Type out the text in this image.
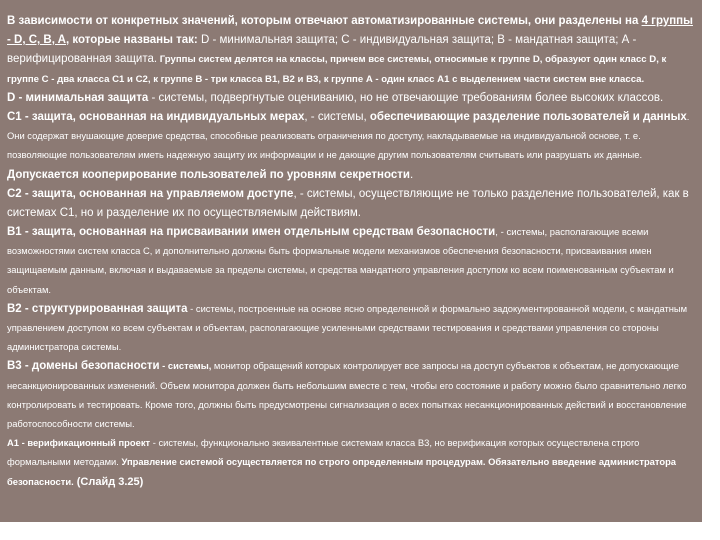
В зависимости от конкретных значений, которым отвечают автоматизированные системы, они разделены на 4 группы - D, C, B, A, которые названы так: D - минимальная защита; С - индивидуальная защита; В - мандатная защита; А - верифицированная защита. Группы систем делятся на классы, причем все системы, относимые к группе D, образуют один класс D, к группе С - два класса С1 и С2, к группе В - три класса В1, В2 и В3, к группе А - один класс А1 с выделением части систем вне класса.

D - минимальная защита - системы, подвергнутые оцениванию, но не отвечающие требованиям более высоких классов.

С1 - защита, основанная на индивидуальных мерах, - системы, обеспечивающие разделение пользователей и данных. Они содержат внушающие доверие средства, способные реализовать ограничения по доступу, накладываемые на индивидуальной основе, т. е. позволяющие пользователям иметь надежную защиту их информации и не дающие другим пользователям считывать или разрушать их данные. Допускается кооперирование пользователей по уровням секретности.

С2 - защита, основанная на управляемом доступе, - системы, осуществляющие не только разделение пользователей, как в системах С1, но и разделение их по осуществляемым действиям.

В1 - защита, основанная на присваивании имен отдельным средствам безопасности, - системы, располагающие всеми возможностями систем класса С, и дополнительно должны быть формальные модели механизмов обеспечения безопасности, присваивания имен защищаемым данным, включая и выдаваемые за пределы системы, и средства мандатного управления доступом ко всем поименованным субъектам и объектам.

В2 - структурированная защита - системы, построенные на основе ясно определенной и формально задокументированной модели, с мандатным управлением доступом ко всем субъектам и объектам, располагающие усиленными средствами тестирования и средствами управления со стороны администратора системы.

В3 - домены безопасности - системы, монитор обращений которых контролирует все запросы на доступ субъектов к объектам, не допускающие несанкционированных изменений. Объем монитора должен быть небольшим вместе с тем, чтобы его состояние и работу можно было сравнительно легко контролировать и тестировать. Кроме того, должны быть предусмотрены сигнализация о всех попытках несанкционированных действий и восстановление работоспособности системы.

А1 - верификационный проект - системы, функционально эквивалентные системам класса В3, но верификация которых осуществлена строго формальными методами. Управление системой осуществляется по строго определенным процедурам. Обязательно введение администратора безопасности. (Слайд 3.25)
